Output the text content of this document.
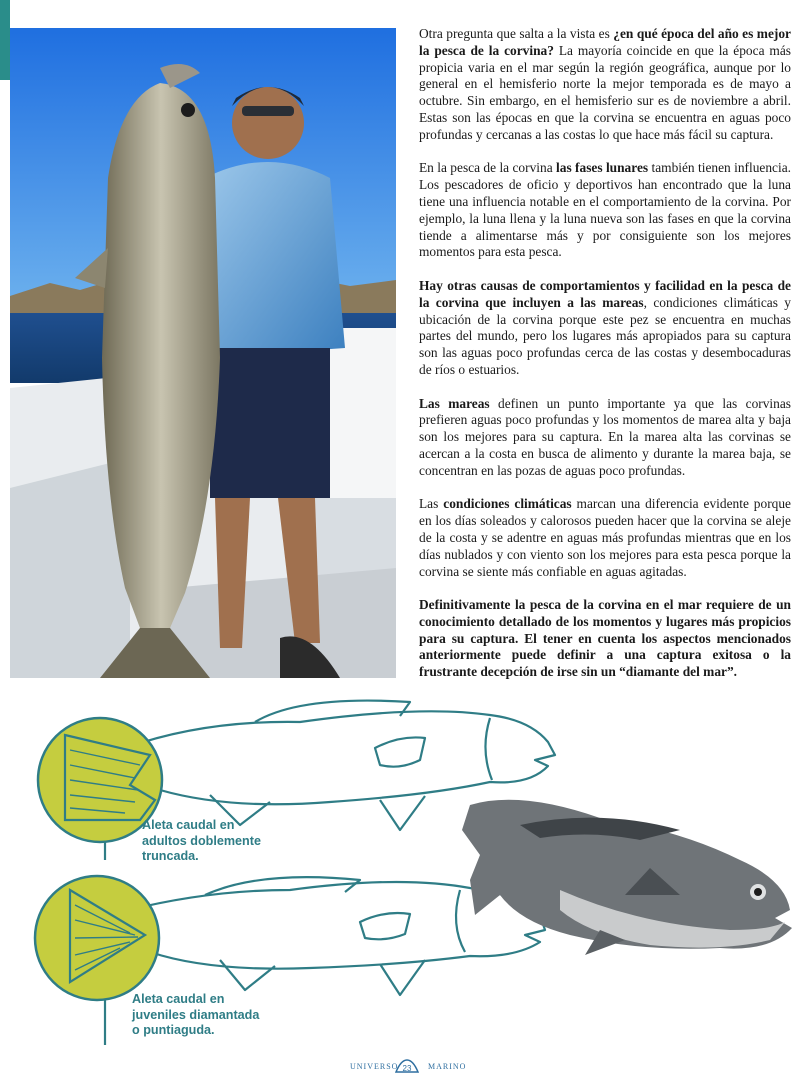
Otra pregunta que salta a la vista es ¿en qué época del año es mejor la pesca de la corvina? La mayoría coincide en que la época más propicia varia en el mar según la región geográfica, aunque por lo general en el hemisferio norte la mejor temporada es de mayo a octubre. Sin embargo, en el hemisferio sur es de noviembre a abril. Estas son las épocas en que la corvina se encuentra en aguas poco profundas y cercanas a las costas lo que hace más fácil su captura.

En la pesca de la corvina las fases lunares también tienen influencia. Los pescadores de oficio y deportivos han encontrado que la luna tiene una influencia notable en el comportamiento de la corvina. Por ejemplo, la luna llena y la luna nueva son las fases en que la corvina tiende a alimentarse más y por consiguiente son los mejores momentos para esta pesca.

Hay otras causas de comportamientos y facilidad en la pesca de la corvina que incluyen a las mareas, condiciones climáticas y ubicación de la corvina porque este pez se encuentra en muchas partes del mundo, pero los lugares más apropiados para su captura son las aguas poco profundas cerca de las costas y desembocaduras de ríos o estuarios.

Las mareas definen un punto importante ya que las corvinas prefieren aguas poco profundas y los momentos de marea alta y baja son los mejores para su captura. En la marea alta las corvinas se acercan a la costa en busca de alimento y durante la marea baja, se concentran en las pozas de aguas poco profundas.

Las condiciones climáticas marcan una diferencia evidente porque en los días soleados y calorosos pueden hacer que la corvina se aleje de la costa y se adentre en aguas más profundas mientras que en los días nublados y con viento son los mejores para esta pesca porque la corvina se siente más confiable en aguas agitadas.

Definitivamente la pesca de la corvina en el mar requiere de un conocimiento detallado de los momentos y lugares más propicios para su captura. El tener en cuenta los aspectos mencionados anteriormente puede definir a una captura exitosa o la frustrante decepción de irse sin un “diamante del mar”.

Aleta caudal en
adultos doblemente
truncada.
Aleta caudal en
juveniles diamantada
o puntiaguda.
UNIVERSO 23 MARINO
